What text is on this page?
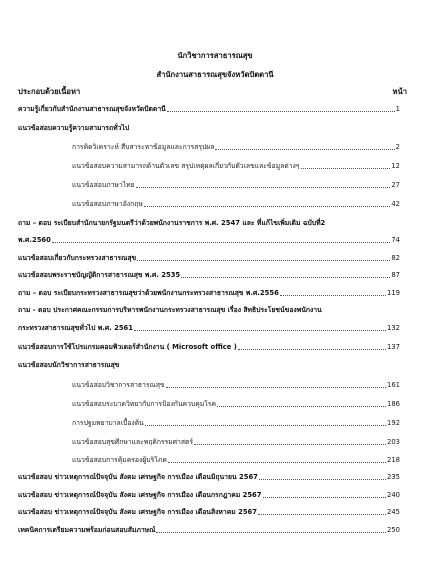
นักวิชาการสาธารณสุข
สำนักงานสาธารณสุขจังหวัดปัตตานี
ประกอบด้วยเนื้อหา	หน้า
ความรู้เกี่ยวกับสำนักงานสาธารณสุขจังหวัดปัตตานี	1
แนวข้อสอบความรู้ความสามารถทั่วไป
การคิดวิเคราะห์ สืบสาระหาข้อมูลและการสรุปผล	2
แนวข้อสอบความสามารถด้านตัวเลข สรุปเหตุผลเกี่ยวกับตัวเลขและข้อมูลต่างๆ	12
แนวข้อสอบภาษาไทย	27
แนวข้อสอบภาษาอังกฤษ	42
ถาม – ตอบ ระเบียบสำนักนายกรัฐมนตรีว่าด้วยพนักงานราชการ พ.ศ. 2547 และ ที่แก้ไขเพิ่มเติม ฉบับที่2
พ.ศ.2560	74
แนวข้อสอบเกี่ยวกับกระทรวงสาธารณสุข	82
แนวข้อสอบพระราชบัญญัติการสาธารณสุข พ.ศ. 2535	87
ถาม – ตอบ ระเบียบกระทรวงสาธารณสุขว่าด้วยพนักงานกระทรวงสาธารณสุข พ.ศ.2556	119
ถาม - ตอบ ประกาศคณะกรรมการบริหารพนักงานกระทรวงสาธารณสุข เรื่อง สิทธิประโยชน์ของพนักงาน
กระทรวงสาธารณสุขทั่วไป พ.ศ. 2561	132
แนวข้อสอบการใช้โปรแกรมคอมพิวเตอร์สำนักงาน ( Microsoft office )	137
แนวข้อสอบนักวิชาการสาธารณสุข
แนวข้อสอบวิชาการสาธารณสุข	161
แนวข้อสอบระบาดวิทยากับการป้องกันควบคุมโรค	186
การปฐมพยาบาลเบื้องต้น	192
แนวข้อสอบสุขศึกษาและพฤติกรรมศาสตร์	203
แนวข้อสอบการคุ้มครองผู้บริโภค	218
แนวข้อสอบ ข่าวเหตุการณ์ปัจจุบัน สังคม เศรษฐกิจ การเมือง เดือนมิถุนายน 2567	235
แนวข้อสอบ ข่าวเหตุการณ์ปัจจุบัน สังคม เศรษฐกิจ การเมือง เดือนกรกฎาคม 2567	240
แนวข้อสอบ ข่าวเหตุการณ์ปัจจุบัน สังคม เศรษฐกิจ การเมือง เดือนสิงหาคม 2567	245
เทคนิคการเตรียมความพร้อมก่อนสอบสัมภาษณ์	250
